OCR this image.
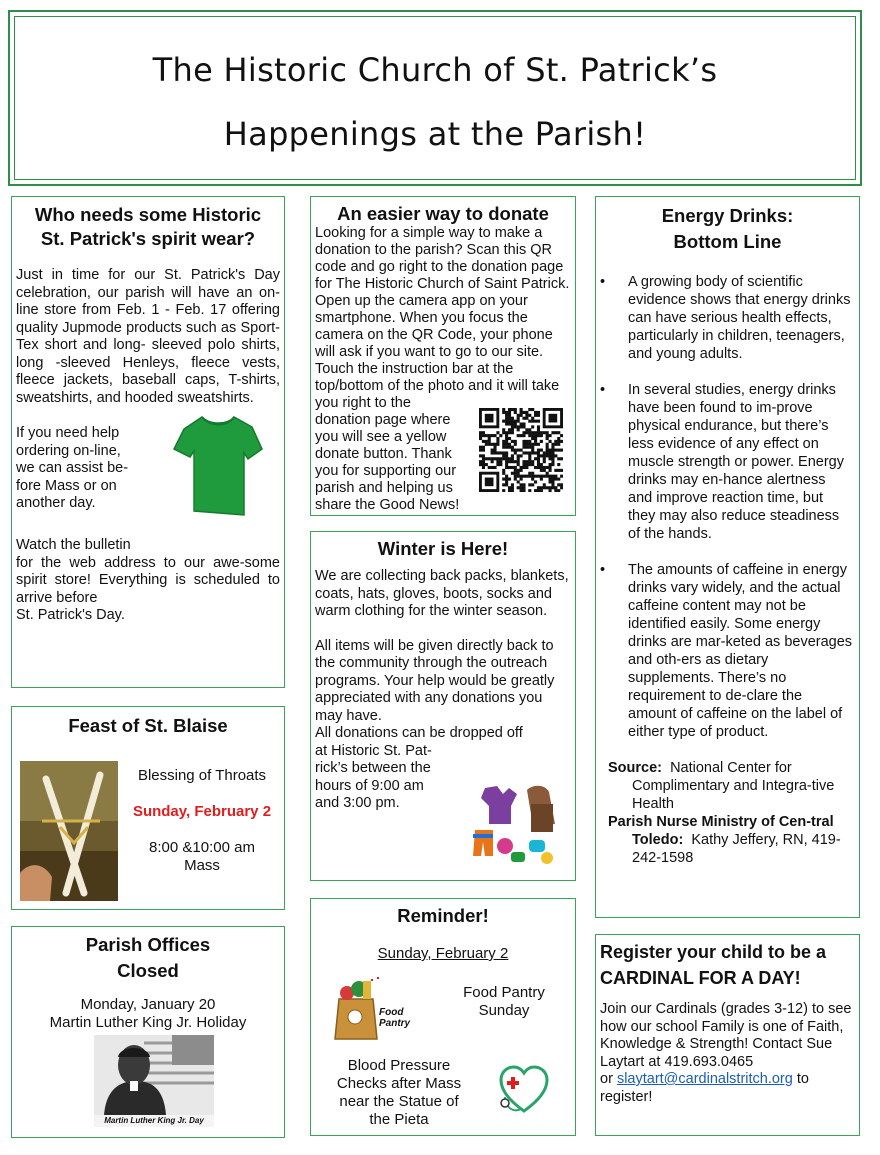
The Historic Church of St. Patrick’s
Happenings at the Parish!
Who needs some Historic
St. Patrick's spirit wear?
Just in time for our St. Patrick's Day celebration, our parish will have an on-line store from Feb. 1 - Feb. 17 offering quality Jupmode products such as Sport-Tex short and long- sleeved polo shirts, long -sleeved Henleys, fleece vests, fleece jackets, baseball caps, T-shirts, sweatshirts, and hooded sweatshirts.
If you need help
ordering on-line,
we can assist be-
fore Mass or on
another day.
Watch the bulletin
for the web address to our awe-some spirit store! Everything is scheduled to arrive before
St. Patrick's Day.
An easier way to donate
Looking for a simple way to make a donation to the parish? Scan this QR code and go right to the donation page for The Historic Church of Saint Patrick. Open up the camera app on your smartphone. When you focus the camera on the QR Code, your phone will ask if you want to go to our site. Touch the instruction bar at the top/bottom of the photo and it will take you right to the
donation page where
you will see a yellow
donate button. Thank
you for supporting our
parish and helping us
share the Good News!
Energy Drinks:
Bottom Line
• A growing body of scientific evidence shows that energy drinks can have serious health effects, particularly in children, teenagers, and young adults.
• In several studies, energy drinks have been found to im-prove physical endurance, but there’s less evidence of any effect on muscle strength or power. Energy drinks may en-hance alertness and improve reaction time, but they may also reduce steadiness of the hands.
• The amounts of caffeine in energy drinks vary widely, and the actual caffeine content may not be identified easily. Some energy drinks are mar-keted as beverages and oth-ers as dietary supplements. There’s no requirement to de-clare the amount of caffeine on the label of either type of product.
Source: National Center for Complimentary and Integra-tive Health
Parish Nurse Ministry of Cen-tral Toledo: Kathy Jeffery, RN, 419-242-1598
Feast of St. Blaise
Blessing of Throats
Sunday, February 2
8:00 &10:00 am
Mass
Winter is Here!
We are collecting back packs, blankets, coats, hats, gloves, boots, socks and warm clothing for the winter season.
All items will be given directly back to the community through the outreach programs. Your help would be greatly appreciated with any donations you may have.
All donations can be dropped off
at Historic St. Pat-
rick’s between the
hours of 9:00 am
and 3:00 pm.
Parish Offices
Closed
Monday, January 20
Martin Luther King Jr. Holiday
Martin Luther King Jr. Day
Reminder!
Sunday, February 2
Food
Pantry
Food Pantry
Sunday
Blood Pressure
Checks after Mass
near the Statue of
the Pieta
Register your child to be a
CARDINAL FOR A DAY!
Join our Cardinals (grades 3-12) to see how our school Family is one of Faith, Knowledge & Strength! Contact Sue Laytart at 419.693.0465
or slaytart@cardinalstritch.org to
register!
